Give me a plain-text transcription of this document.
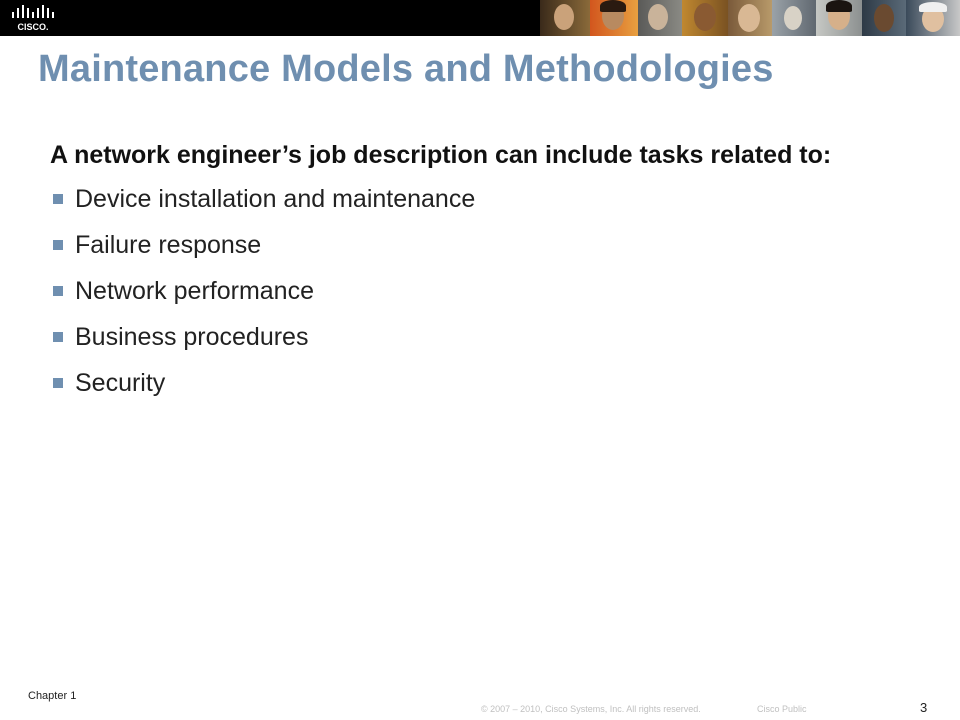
CISCO.
Maintenance Models and Methodologies

A network engineer’s job description can include tasks related to:

Device installation and maintenance
Failure response
Network performance
Business procedures
Security
Chapter 1
© 2007 – 2010, Cisco Systems, Inc. All rights reserved.	Cisco Public	3
